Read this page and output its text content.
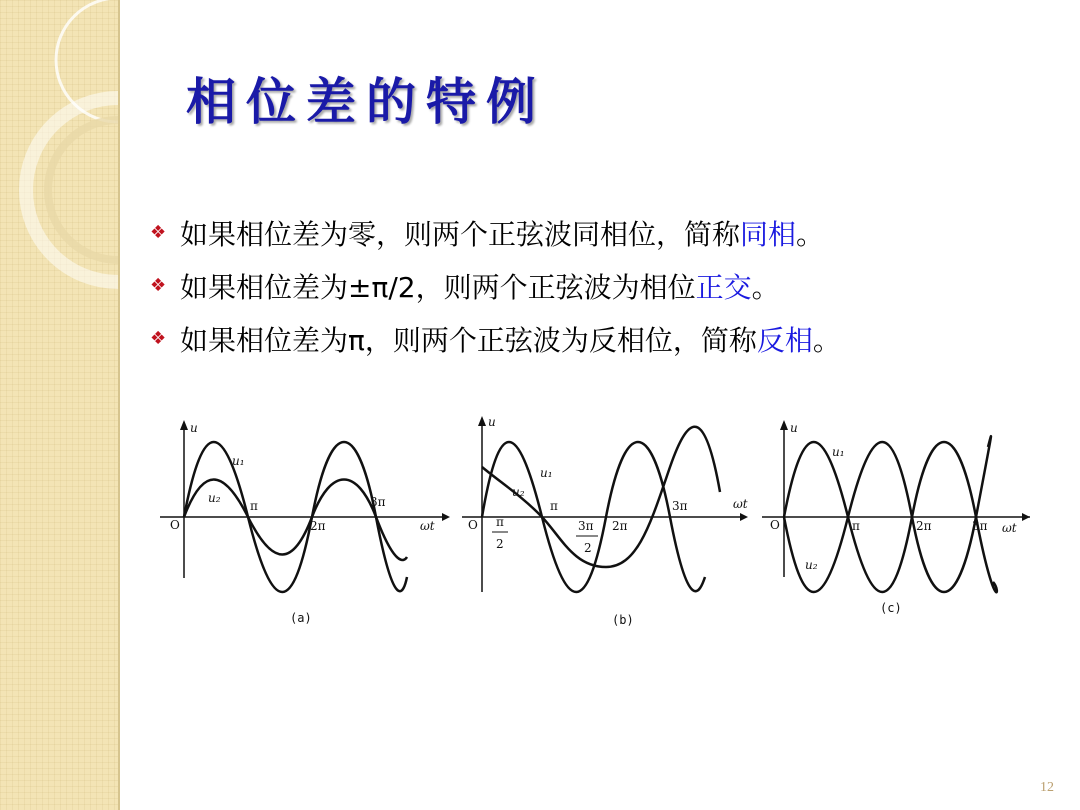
相位差的特例
❖ 如果相位差为零，则两个正弦波同相位，简称 同相 。
❖ 如果相位差为±π/2，则两个正弦波为相位 正交 。
❖ 如果相位差为π，则两个正弦波为反相位，简称 反相 。
u
ωt
O
u₁
u₂
π
2π
3π
(a)
u
ωt
O
u₁
u₂
π
π
2
3π
2
2π
3π
(b)
u
ωt
O
u₁
u₂
π	2π	3π
(c)
12
